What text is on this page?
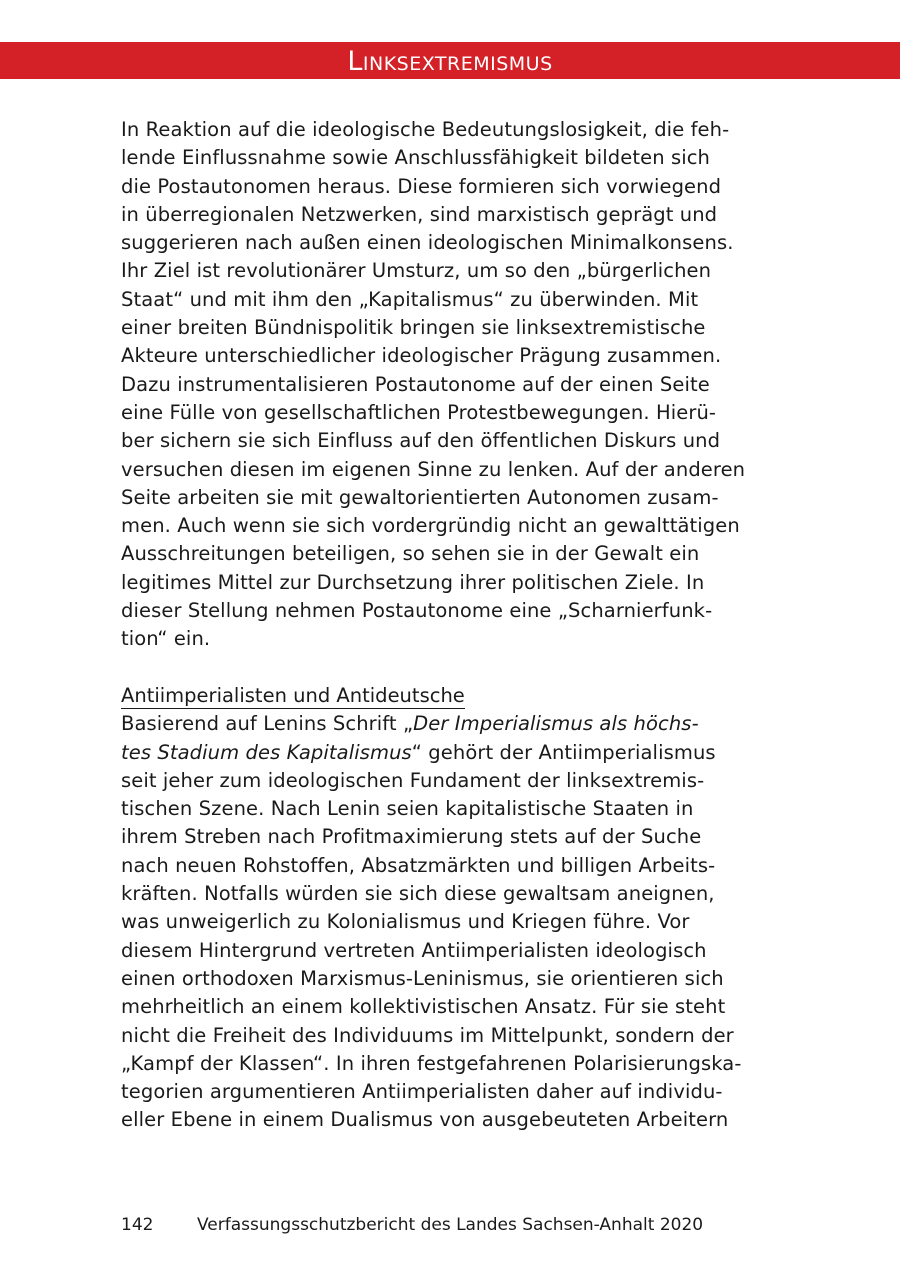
Linksextremismus
In Reaktion auf die ideologische Bedeutungslosigkeit, die feh-
lende Einflussnahme sowie Anschlussfähigkeit bildeten sich
die Postautonomen heraus. Diese formieren sich vorwiegend
in überregionalen Netzwerken, sind marxistisch geprägt und
suggerieren nach außen einen ideologischen Minimalkonsens.
Ihr Ziel ist revolutionärer Umsturz, um so den „bürgerlichen
Staat“ und mit ihm den „Kapitalismus“ zu überwinden. Mit
einer breiten Bündnispolitik bringen sie linksextremistische
Akteure unterschiedlicher ideologischer Prägung zusammen.
Dazu instrumentalisieren Postautonome auf der einen Seite
eine Fülle von gesellschaftlichen Protestbewegungen. Hierü-
ber sichern sie sich Einfluss auf den öffentlichen Diskurs und
versuchen diesen im eigenen Sinne zu lenken. Auf der anderen
Seite arbeiten sie mit gewaltorientierten Autonomen zusam-
men. Auch wenn sie sich vordergründig nicht an gewalttätigen
Ausschreitungen beteiligen, so sehen sie in der Gewalt ein
legitimes Mittel zur Durchsetzung ihrer politischen Ziele. In
dieser Stellung nehmen Postautonome eine „Scharnierfunk-
tion“ ein.
Antiimperialisten und Antideutsche
Basierend auf Lenins Schrift „Der Imperialismus als höchs-
tes Stadium des Kapitalismus“ gehört der Antiimperialismus
seit jeher zum ideologischen Fundament der linksextremis-
tischen Szene. Nach Lenin seien kapitalistische Staaten in
ihrem Streben nach Profitmaximierung stets auf der Suche
nach neuen Rohstoffen, Absatzmärkten und billigen Arbeits-
kräften. Notfalls würden sie sich diese gewaltsam aneignen,
was unweigerlich zu Kolonialismus und Kriegen führe. Vor
diesem Hintergrund vertreten Antiimperialisten ideologisch
einen orthodoxen Marxismus-Leninismus, sie orientieren sich
mehrheitlich an einem kollektivistischen Ansatz. Für sie steht
nicht die Freiheit des Individuums im Mittelpunkt, sondern der
„Kampf der Klassen“. In ihren festgefahrenen Polarisierungska-
tegorien argumentieren Antiimperialisten daher auf individu-
eller Ebene in einem Dualismus von ausgebeuteten Arbeitern
142	Verfassungsschutzbericht des Landes Sachsen-Anhalt 2020
